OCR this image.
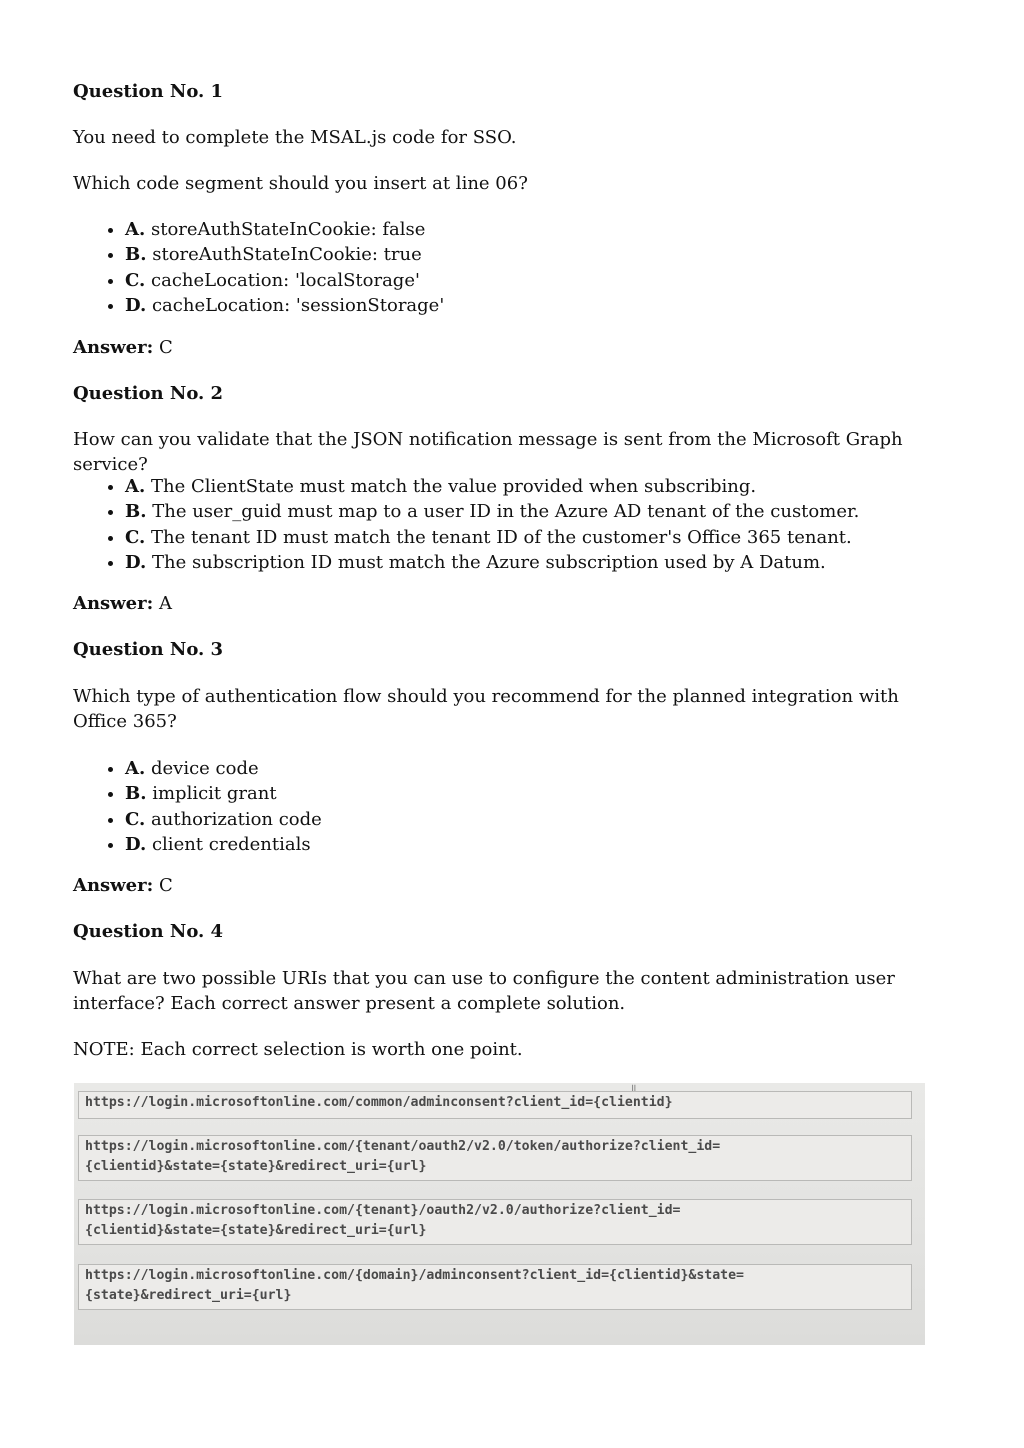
Question No. 1

You need to complete the MSAL.js code for SSO.

Which code segment should you insert at line 06?

• A. storeAuthStateInCookie: false
• B. storeAuthStateInCookie: true
• C. cacheLocation: 'localStorage'
• D. cacheLocation: 'sessionStorage'

Answer: C

Question No. 2

How can you validate that the JSON notification message is sent from the Microsoft Graph service?

• A. The ClientState must match the value provided when subscribing.
• B. The user_guid must map to a user ID in the Azure AD tenant of the customer.
• C. The tenant ID must match the tenant ID of the customer's Office 365 tenant.
• D. The subscription ID must match the Azure subscription used by A Datum.

Answer: A

Question No. 3

Which type of authentication flow should you recommend for the planned integration with Office 365?

• A. device code
• B. implicit grant
• C. authorization code
• D. client credentials

Answer: C

Question No. 4

What are two possible URIs that you can use to configure the content administration user interface? Each correct answer present a complete solution.

NOTE: Each correct selection is worth one point.

https://login.microsoftonline.com/common/adminconsent?client_id={clientid}
https://login.microsoftonline.com/{tenant/oauth2/v2.0/token/authorize?client_id=
{clientid}&state={state}&redirect_uri={url}
https://login.microsoftonline.com/{tenant}/oauth2/v2.0/authorize?client_id=
{clientid}&state={state}&redirect_uri={url}
https://login.microsoftonline.com/{domain}/adminconsent?client_id={clientid}&state=
{state}&redirect_uri={url}
